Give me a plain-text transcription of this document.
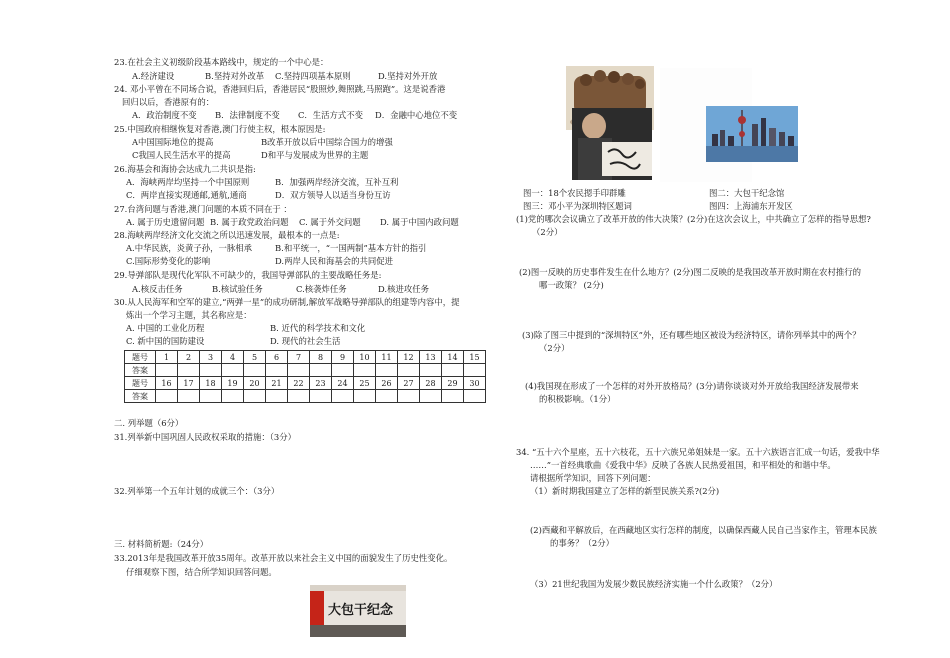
23.在社会主义初级阶段基本路线中，规定的一个中心是：
A.经济建设	B.坚持对外改革 C.坚持四项基本原则	D.坚持对外开放
24. 邓小平曾在不同场合说，香港回归后，香港居民“股照炒,舞照跳,马照跑”。这是说香港
回归以后，香港原有的：
A．政治制度不变 B．法律制度不变 C．生活方式不变 D．金融中心地位不变
25.中国政府相继恢复对香港,澳门行使主权，根本原因是:
A中国国际地位的提高	B改革开放以后中国综合国力的增强
C我国人民生活水平的提高	D和平与发展成为世界的主题
26.海基会和海协会达成九二共识是指:
A．海峡两岸均坚持一个中国原则	B．加强两岸经济交流，互补互利
C．两岸直接实现通邮,通航,通商	D．双方领导人以适当身份互访
27.台湾问题与香港,澳门问题的本质不同在于 ：
A. 属于历史遗留问题 B. 属于政党政治问题 C. 属于外交问题 D. 属于中国内政问题
28.海峡两岸经济文化交流之所以迅速发展，最根本的一点是:
A.中华民族，炎黄子孙，一脉相承	B.和平统一，“一国两制”基本方针的指引
C.国际形势变化的影响	D.两岸人民和海基会的共同促进
29.导弹部队是现代化军队不可缺少的，我国导弹部队的主要战略任务是:
A.核反击任务	B.核试验任务	C.核袭炸任务	D.核进攻任务
30.从人民海军和空军的建立,“两弹一星”的成功研制,解放军战略导弹部队的组建等内容中，提
炼出一个学习主题，其名称应是：
A. 中国的工业化历程	B. 近代的科学技术和文化
C. 新中国的国防建设	D. 现代的社会生活
题号	1	2	3	4	5	6	7	8	9	10	11	12	13	14	15
答案															
题号	16	17	18	19	20	21	22	23	24	25	26	27	28	29	30
答案															
二. 列举题（6分）
31.列举新中国巩固人民政权采取的措施：（3分）
32.列举第一个五年计划的成就三个：（3分）
三. 材料简析题:（24分）
33.2013年是我国改革开放35周年。改革开放以来社会主义中国的面貌发生了历史性变化。
仔细观察下图，结合所学知识回答问题。
大包干纪念
图一：18个农民摁手印群雕	图二：大包干纪念馆
图三：邓小平为深圳特区题词	图四：上海浦东开发区
(1)党的哪次会议确立了改革开放的伟大决策？(2分)在这次会议上，中共确立了怎样的指导思想?
（2分）
(2)图一反映的历史事件发生在什么地方？(2分)图二反映的是我国改革开放时期在农村推行的
哪一政策？ (2分)
(3)除了图三中提到的“深圳特区”外，还有哪些地区被设为经济特区，请你列举其中的两个？
（2分）
(4)我国现在形成了一个怎样的对外开放格局？(3分)请你谈谈对外开放给我国经济发展带来
的积极影响。（1分）
34. “五十六个星座，五十六枝花，五十六族兄弟姐妹是一家。五十六族语言汇成一句话，爱我中华
……”一首经典歌曲《爱我中华》反映了各族人民热爱祖国，和平相处的和谐中华。
请根据所学知识，回答下列问题：
（1）新时期我国建立了怎样的新型民族关系?(2分)
(2)西藏和平解放后，在西藏地区实行怎样的制度，以确保西藏人民自己当家作主，管理本民族
的事务？（2分）
（3）21世纪我国为发展少数民族经济实施一个什么政策？（2分）
